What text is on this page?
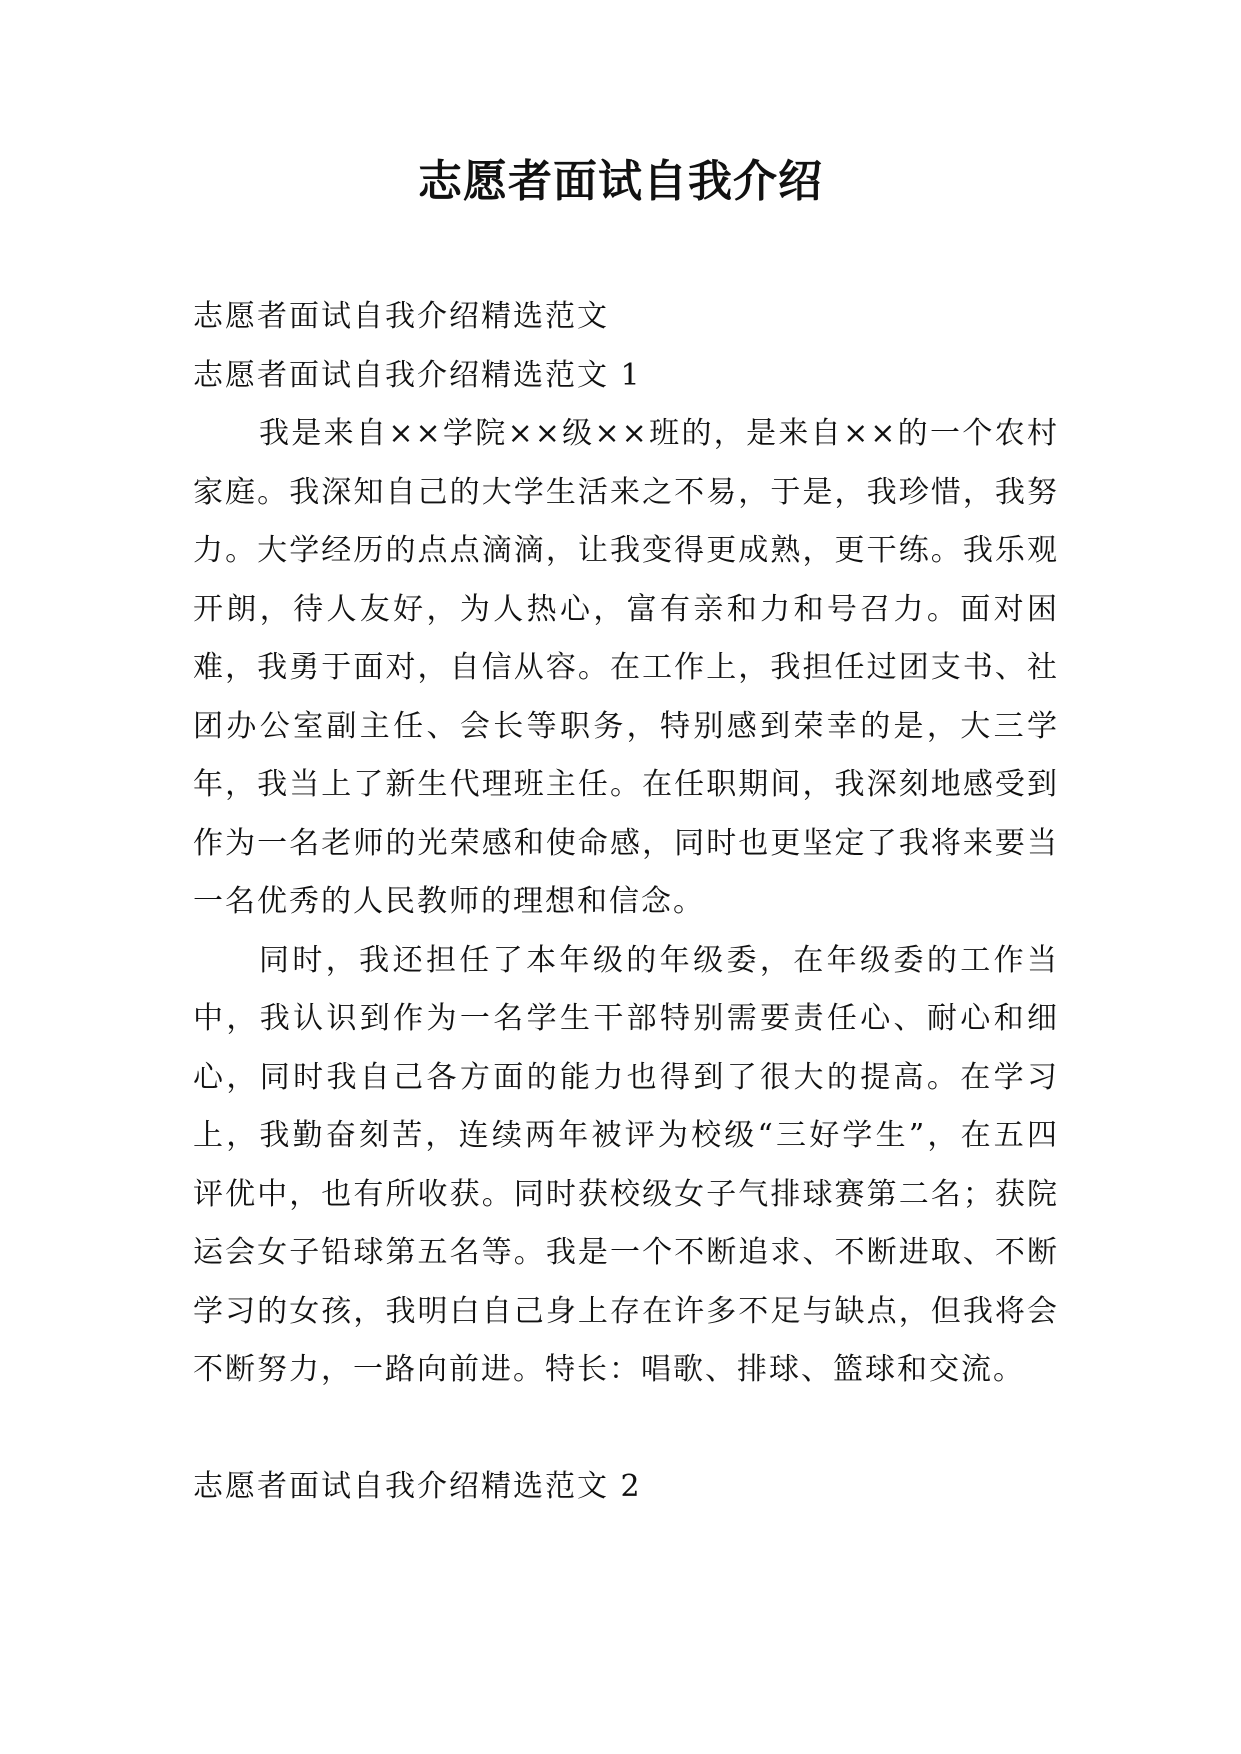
志愿者面试自我介绍

志愿者面试自我介绍精选范文

志愿者面试自我介绍精选范文 1

我是来自××学院××级××班的，是来自××的一个农村家庭。我深知自己的大学生活来之不易，于是，我珍惜，我努力。大学经历的点点滴滴，让我变得更成熟，更干练。我乐观开朗，待人友好，为人热心，富有亲和力和号召力。面对困难，我勇于面对，自信从容。在工作上，我担任过团支书、社团办公室副主任、会长等职务，特别感到荣幸的是，大三学年，我当上了新生代理班主任。在任职期间，我深刻地感受到作为一名老师的光荣感和使命感，同时也更坚定了我将来要当一名优秀的人民教师的理想和信念。

同时，我还担任了本年级的年级委，在年级委的工作当中，我认识到作为一名学生干部特别需要责任心、耐心和细心，同时我自己各方面的能力也得到了很大的提高。在学习上，我勤奋刻苦，连续两年被评为校级“三好学生”，在五四评优中，也有所收获。同时获校级女子气排球赛第二名；获院运会女子铅球第五名等。我是一个不断追求、不断进取、不断学习的女孩，我明白自己身上存在许多不足与缺点，但我将会不断努力，一路向前进。特长：唱歌、排球、篮球和交流。

志愿者面试自我介绍精选范文 2
